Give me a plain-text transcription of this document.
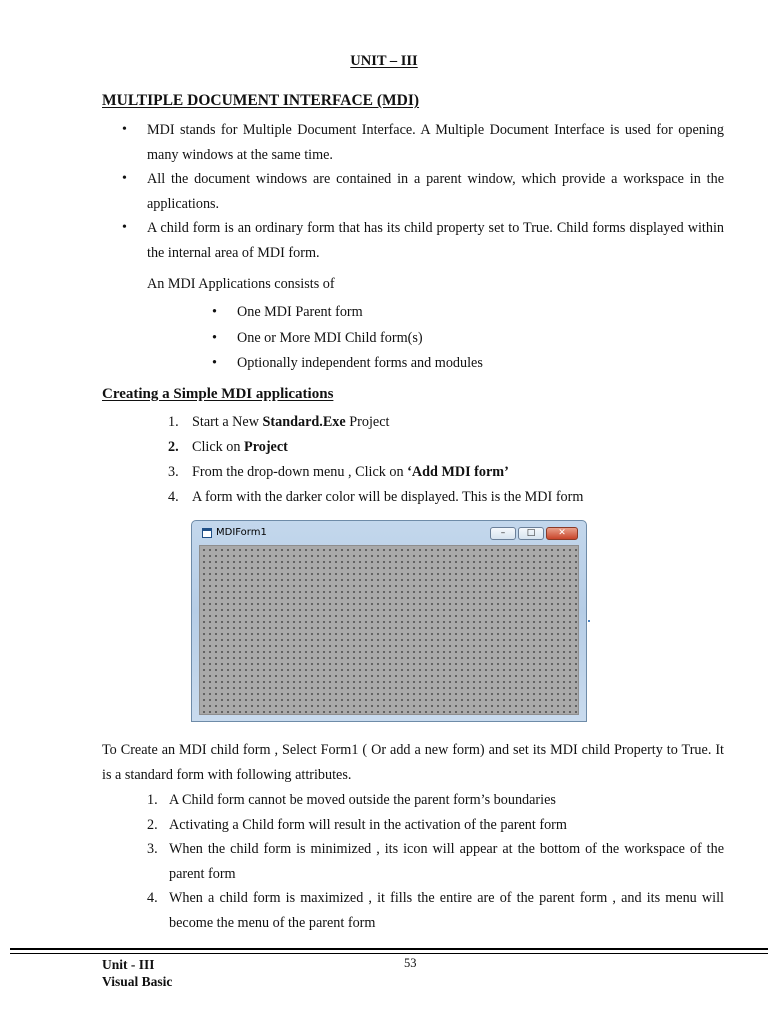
UNIT – III
MULTIPLE DOCUMENT INTERFACE (MDI)
• MDI stands for Multiple Document Interface. A Multiple Document Interface is used for opening many windows at the same time.
• All the document windows are contained in a parent window, which provide a workspace in the applications.
• A child form is an ordinary form that has its child property set to True. Child forms displayed within the internal area of MDI form.
An MDI Applications consists of
• One MDI Parent form
• One or More MDI Child form(s)
• Optionally independent forms and modules
Creating a Simple MDI applications
1. Start a New Standard.Exe Project
2. Click on Project
3. From the drop-down menu , Click on ‘Add MDI form’
4. A form with the darker color will be displayed. This is the MDI form
MDIForm1	–	□	✕

To Create an MDI child form , Select Form1 ( Or add a new form) and set its MDI child Property to True. It is a standard form with following attributes.

1. A Child form cannot be moved outside the parent form’s boundaries
2. Activating a Child form will result in the activation of the parent form
3. When the child form is minimized , its icon will appear at the bottom of the workspace of the parent form
4. When a child form is maximized , it fills the entire are of the parent form , and its menu will become the menu of the parent form
Unit - III
Visual Basic
53
